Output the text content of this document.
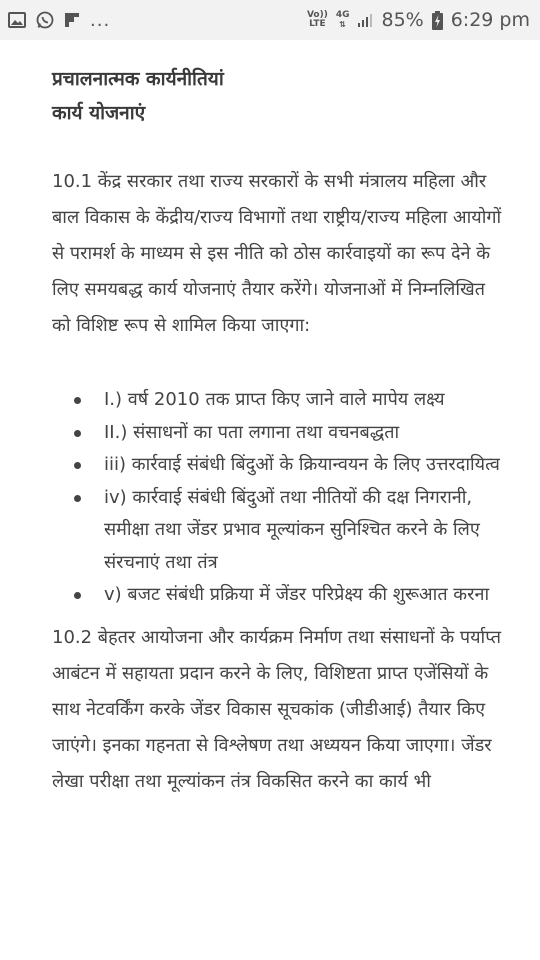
...	Vo))
LTE
4G
⇅ 85% 6:29 pm

प्रचालनात्मक कार्यनीतियां

कार्य योजनाएं

10.1 केंद्र सरकार तथा राज्य सरकारों के सभी मंत्रालय महिला और बाल विकास के केंद्रीय/राज्य विभागों तथा राष्ट्रीय/राज्य महिला आयोगों से परामर्श के माध्यम से इस नीति को ठोस कार्रवाइयों का रूप देने के लिए समयबद्ध कार्य योजनाएं तैयार करेंगे। योजनाओं में निम्नलिखित को विशिष्ट रूप से शामिल किया जाएगा:

I.) वर्ष 2010 तक प्राप्त किए जाने वाले मापेय लक्ष्य
II.) संसाधनों का पता लगाना तथा वचनबद्धता
iii) कार्रवाई संबंधी बिंदुओं के क्रियान्वयन के लिए उत्तरदायित्व
iv) कार्रवाई संबंधी बिंदुओं तथा नीतियों की दक्ष निगरानी, समीक्षा तथा जेंडर प्रभाव मूल्यांकन सुनिश्चित करने के लिए संरचनाएं तथा तंत्र
v) बजट संबंधी प्रक्रिया में जेंडर परिप्रेक्ष्य की शुरूआत करना

10.2 बेहतर आयोजना और कार्यक्रम निर्माण तथा संसाधनों के पर्याप्त आबंटन में सहायता प्रदान करने के लिए, विशिष्टता प्राप्त एजेंसियों के साथ नेटवर्किंग करके जेंडर विकास सूचकांक (जीडीआई) तैयार किए जाएंगे। इनका गहनता से विश्लेषण तथा अध्ययन किया जाएगा। जेंडर लेखा परीक्षा तथा मूल्यांकन तंत्र विकसित करने का कार्य भी
